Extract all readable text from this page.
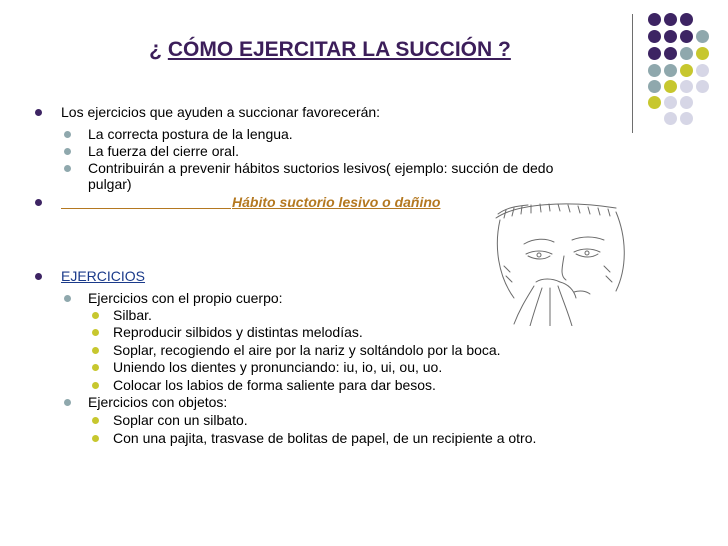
¿ CÓMO EJERCITAR LA SUCCIÓN ?
Los ejercicios que ayuden a succionar favorecerán:
La correcta postura de la lengua.
La fuerza del cierre oral.
Contribuirán a prevenir hábitos suctorios lesivos( ejemplo: succión de dedo
pulgar)
Hábito suctorio lesivo o dañino
EJERCICIOS
Ejercicios con el propio cuerpo:
Silbar.
Reproducir silbidos y distintas melodías.
Soplar, recogiendo el aire por la nariz y soltándolo por la boca.
Uniendo los dientes y pronunciando: iu, io, ui, ou, uo.
Colocar los labios de forma saliente para dar besos.
Ejercicios con objetos:
Soplar con un silbato.
Con una pajita, trasvase de bolitas de papel, de un recipiente a otro.
